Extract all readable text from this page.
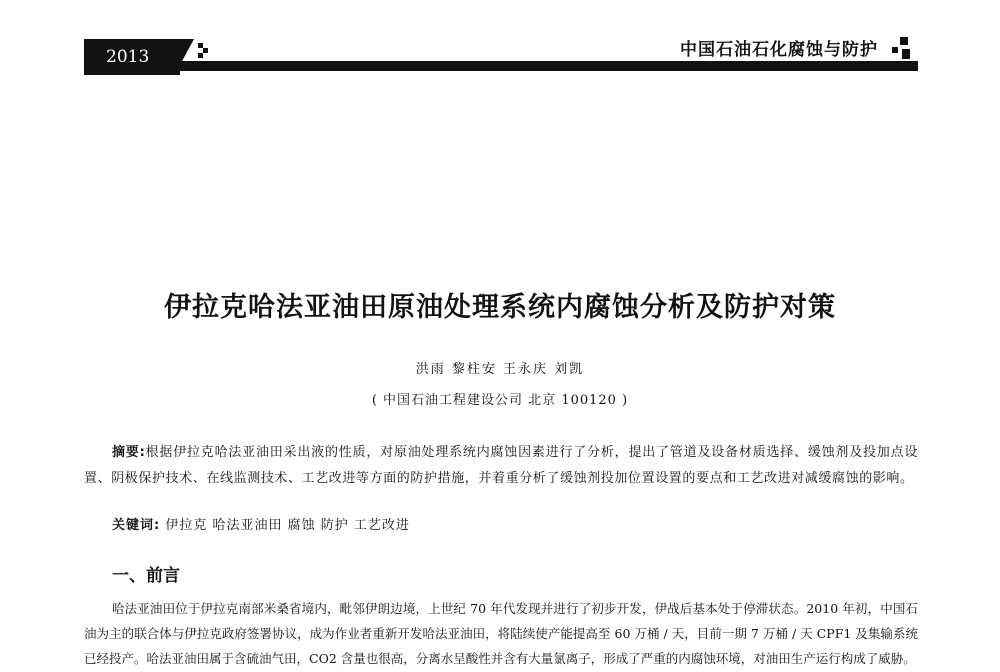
2013	中国石油石化腐蚀与防护
伊拉克哈法亚油田原油处理系统内腐蚀分析及防护对策
洪雨 黎柱安 王永庆 刘凯
( 中国石油工程建设公司 北京 100120 )
摘要:根据伊拉克哈法亚油田采出液的性质，对原油处理系统内腐蚀因素进行了分析，提出了管道及设备材质选择、缓蚀剂及投加点设置、阴极保护技术、在线监测技术、工艺改进等方面的防护措施，并着重分析了缓蚀剂投加位置设置的要点和工艺改进对减缓腐蚀的影响。
关键词: 伊拉克 哈法亚油田 腐蚀 防护 工艺改进
一、前言
哈法亚油田位于伊拉克南部米桑省境内，毗邻伊朗边境，上世纪 70 年代发现并进行了初步开发，伊战后基本处于停滞状态。2010 年初，中国石油为主的联合体与伊拉克政府签署协议，成为作业者重新开发哈法亚油田，将陆续使产能提高至 60 万桶 / 天，目前一期 7 万桶 / 天 CPF1 及集输系统已经投产。哈法亚油田属于含硫油气田，CO2 含量也很高，分离水呈酸性并含有大量氯离子，形成了严重的内腐蚀环境，对油田生产运行构成了威胁。
